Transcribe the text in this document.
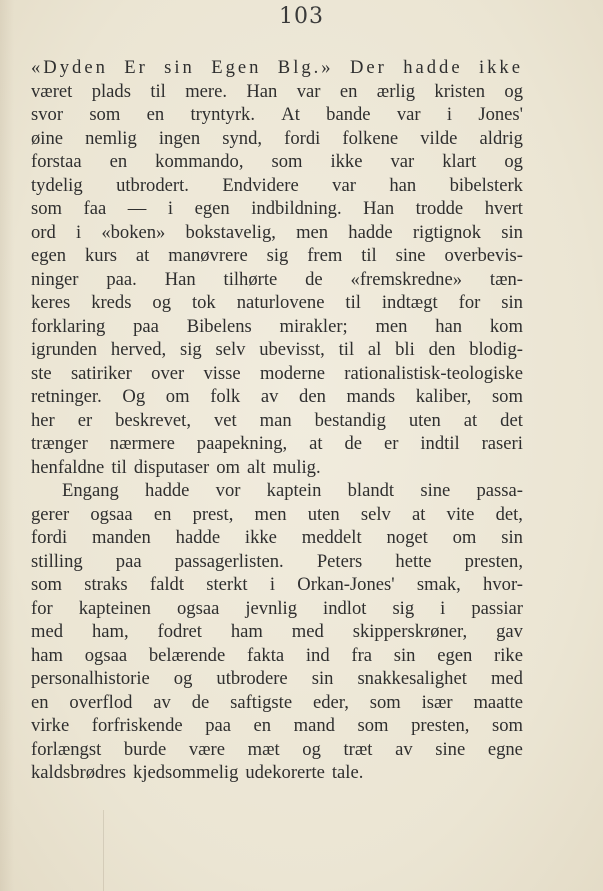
103
«Dyden Er sin Egen Blg.» Der hadde ikke
været plads til mere. Han var en ærlig kristen og
svor som en tryntyrk. At bande var i Jones'
øine nemlig ingen synd, fordi folkene vilde aldrig
forstaa en kommando, som ikke var klart og
tydelig utbrodert. Endvidere var han bibelsterk
som faa — i egen indbildning. Han trodde hvert
ord i «boken» bokstavelig, men hadde rigtignok sin
egen kurs at manøvrere sig frem til sine overbevis-
ninger paa. Han tilhørte de «fremskredne» tæn-
keres kreds og tok naturlovene til indtægt for sin
forklaring paa Bibelens mirakler; men han kom
igrunden herved, sig selv ubevisst, til al bli den blodig-
ste satiriker over visse moderne rationalistisk-teologiske
retninger. Og om folk av den mands kaliber, som
her er beskrevet, vet man bestandig uten at det
trænger nærmere paapekning, at de er indtil raseri
henfaldne til disputaser om alt mulig.
Engang hadde vor kaptein blandt sine passa-
gerer ogsaa en prest, men uten selv at vite det,
fordi manden hadde ikke meddelt noget om sin
stilling paa passagerlisten. Peters hette presten,
som straks faldt sterkt i Orkan-Jones' smak, hvor-
for kapteinen ogsaa jevnlig indlot sig i passiar
med ham, fodret ham med skipperskrøner, gav
ham ogsaa belærende fakta ind fra sin egen rike
personalhistorie og utbrodere sin snakkesalighet med
en overflod av de saftigste eder, som især maatte
virke forfriskende paa en mand som presten, som
forlængst burde være mæt og træt av sine egne
kaldsbrødres kjedsommelig udekorerte tale.
